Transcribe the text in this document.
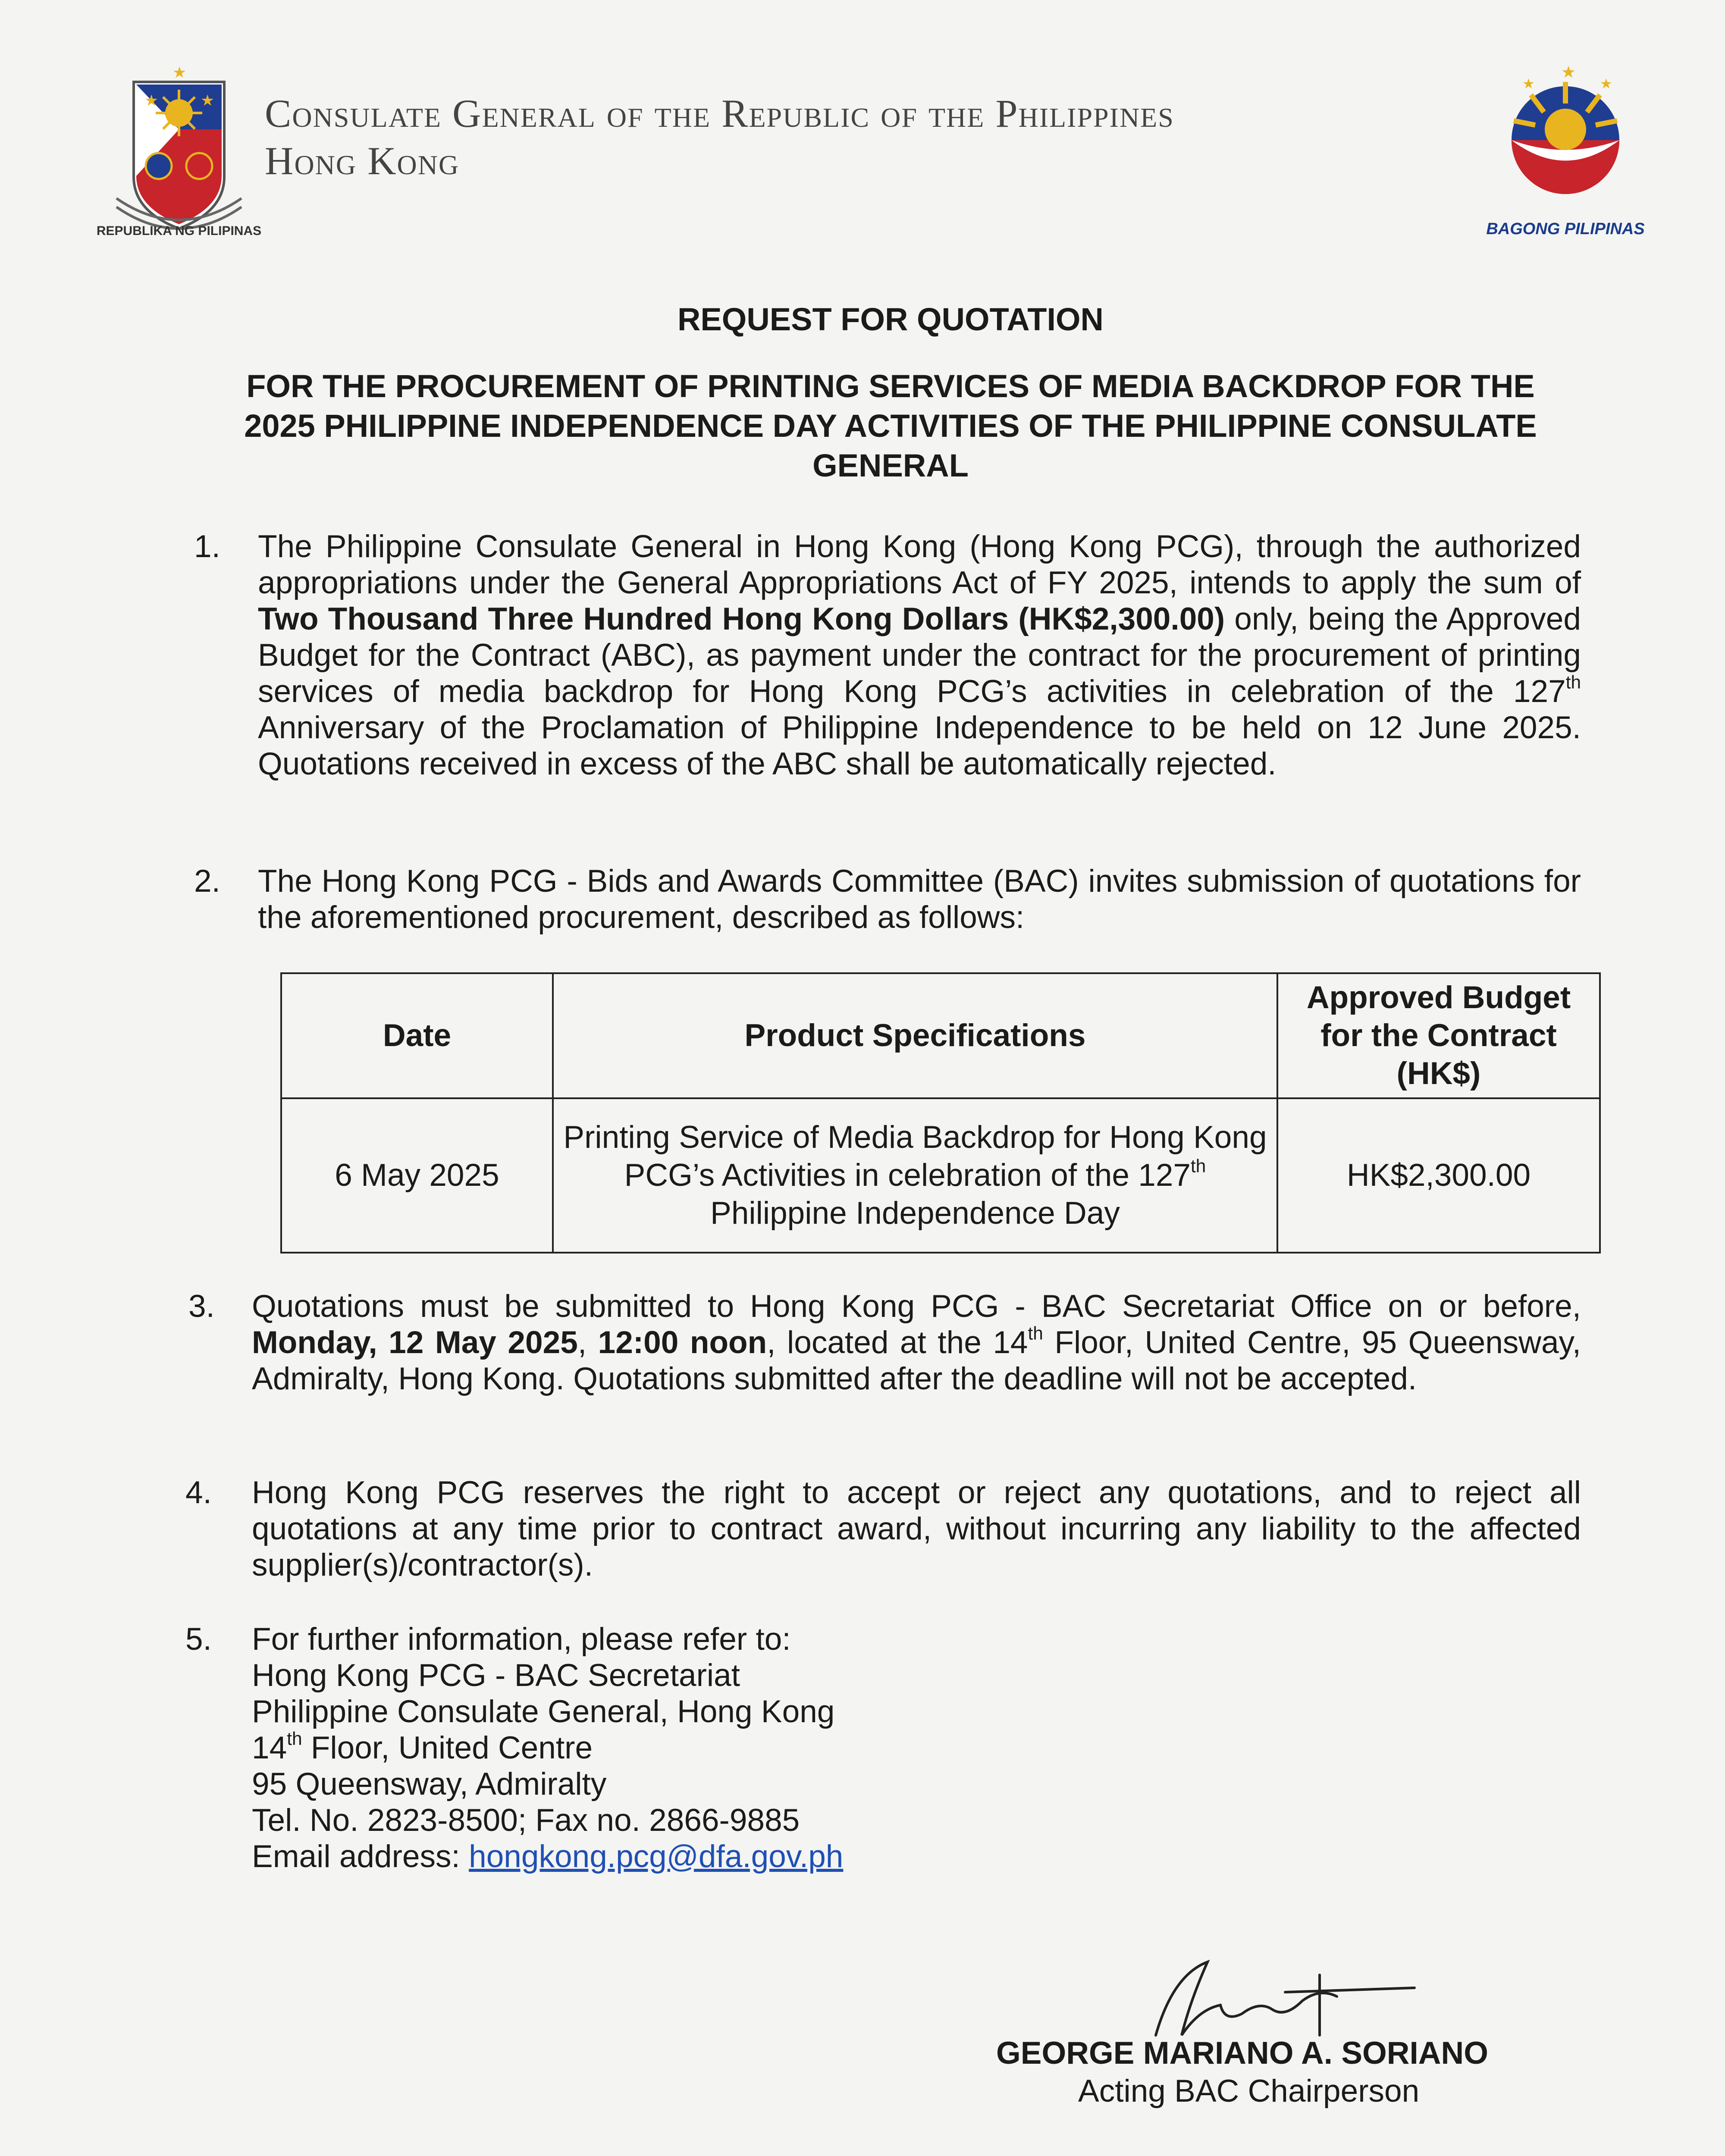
★	★
★
REPUBLIKA NG PILIPINAS
Consulate General of the Republic of the Philippines
Hong Kong
★
★	★
BAGONG PILIPINAS
REQUEST FOR QUOTATION
FOR THE PROCUREMENT OF PRINTING SERVICES OF MEDIA BACKDROP FOR THE
2025 PHILIPPINE INDEPENDENCE DAY ACTIVITIES OF THE PHILIPPINE CONSULATE
GENERAL
1. The Philippine Consulate General in Hong Kong (Hong Kong PCG), through the authorized appropriations under the General Appropriations Act of FY 2025, intends to apply the sum of Two Thousand Three Hundred Hong Kong Dollars (HK$2,300.00) only, being the Approved Budget for the Contract (ABC), as payment under the contract for the procurement of printing services of media backdrop for Hong Kong PCG’s activities in celebration of the 127th Anniversary of the Proclamation of Philippine Independence to be held on 12 June 2025. Quotations received in excess of the ABC shall be automatically rejected.
2. The Hong Kong PCG - Bids and Awards Committee (BAC) invites submission of quotations for the aforementioned procurement, described as follows:
Date	Product Specifications	Approved Budget for the Contract (HK$)
6 May 2025	Printing Service of Media Backdrop for Hong Kong PCG’s Activities in celebration of the 127th Philippine Independence Day	HK$2,300.00
3. Quotations must be submitted to Hong Kong PCG - BAC Secretariat Office on or before, Monday, 12 May 2025, 12:00 noon, located at the 14th Floor, United Centre, 95 Queensway, Admiralty, Hong Kong. Quotations submitted after the deadline will not be accepted.
4. Hong Kong PCG reserves the right to accept or reject any quotations, and to reject all quotations at any time prior to contract award, without incurring any liability to the affected supplier(s)/contractor(s).
5. For further information, please refer to:
Hong Kong PCG - BAC Secretariat
Philippine Consulate General, Hong Kong
14th Floor, United Centre
95 Queensway, Admiralty
Tel. No. 2823-8500; Fax no. 2866-9885
Email address: hongkong.pcg@dfa.gov.ph
GEORGE MARIANO A. SORIANO
Acting BAC Chairperson
